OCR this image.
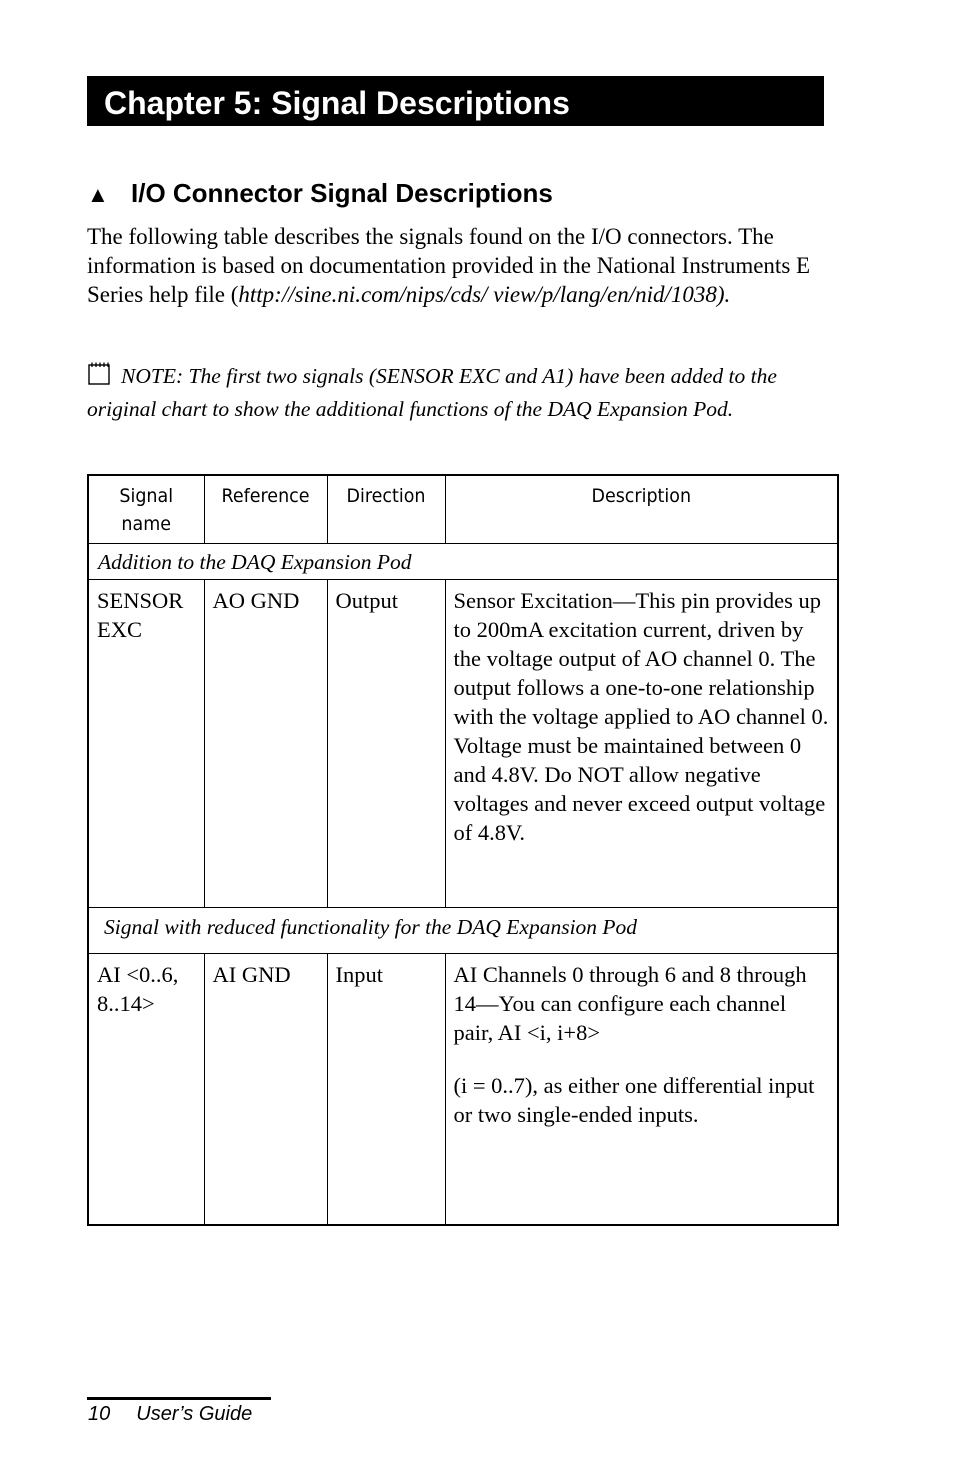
Chapter 5: Signal Descriptions
▲ I/O Connector Signal Descriptions

The following table describes the signals found on the I/O connectors. The information is based on documentation provided in the National Instruments E Series help file (http://sine.ni.com/nips/cds/ view/p/lang/en/nid/1038).

NOTE: The first two signals (SENSOR EXC and A1) have been added to the original chart to show the additional functions of the DAQ Expansion Pod.

Signal name	Reference	Direction	Description
Addition to the DAQ Expansion Pod			
SENSOR EXC	AO GND	Output	Sensor Excitation—This pin provides up to 200mA excitation current, driven by the voltage output of AO channel 0. The output follows a one-to-one relationship with the voltage applied to AO channel 0. Voltage must be maintained between 0 and 4.8V. Do NOT allow negative voltages and never exceed output voltage of 4.8V.
Signal with reduced functionality for the DAQ Expansion Pod			
AI <0..6, 8..14>	AI GND	Input	AI Channels 0 through 6 and 8 through 14—You can configure each channel pair, AI <i, i+8>

(i = 0..7), as either one differential input or two single-ended inputs.

10 User’s Guide
